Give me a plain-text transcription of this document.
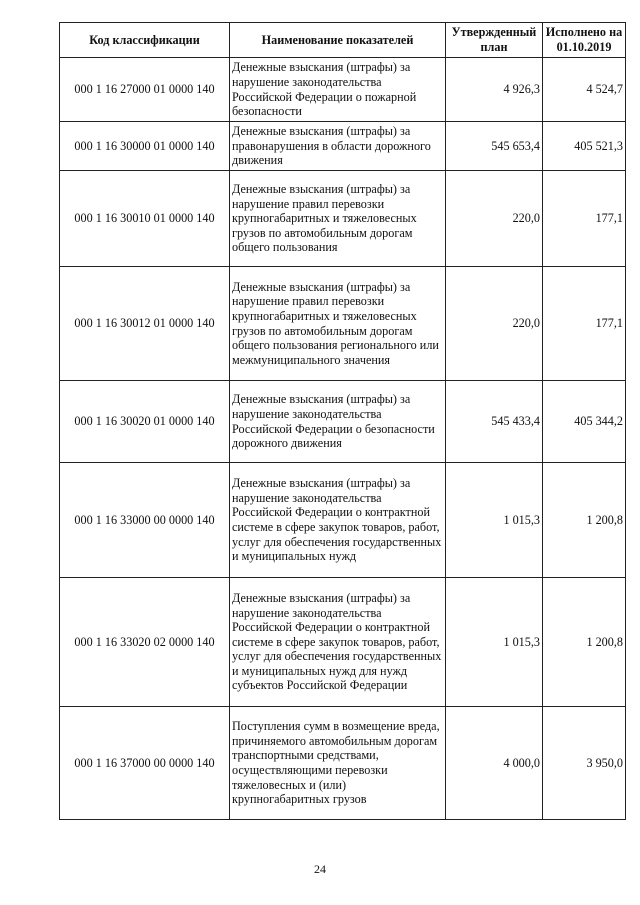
Код классификации	Наименование показателей	Утвержденный план	Исполнено на 01.10.2019
000 1 16 27000 01 0000 140	Денежные взыскания (штрафы) за нарушение законодательства Российской Федерации о пожарной безопасности	4 926,3	4 524,7
000 1 16 30000 01 0000 140	Денежные взыскания (штрафы) за правонарушения в области дорожного движения	545 653,4	405 521,3
000 1 16 30010 01 0000 140	Денежные взыскания (штрафы) за нарушение правил перевозки крупногабаритных и тяжеловесных грузов по автомобильным дорогам общего пользования	220,0	177,1
000 1 16 30012 01 0000 140	Денежные взыскания (штрафы) за нарушение правил перевозки крупногабаритных и тяжеловесных грузов по автомобильным дорогам общего пользования регионального или межмуниципального значения	220,0	177,1
000 1 16 30020 01 0000 140	Денежные взыскания (штрафы) за нарушение законодательства Российской Федерации о безопасности дорожного движения	545 433,4	405 344,2
000 1 16 33000 00 0000 140	Денежные взыскания (штрафы) за нарушение законодательства Российской Федерации о контрактной системе в сфере закупок товаров, работ, услуг для обеспечения государственных и муниципальных нужд	1 015,3	1 200,8
000 1 16 33020 02 0000 140	Денежные взыскания (штрафы) за нарушение законодательства Российской Федерации о контрактной системе в сфере закупок товаров, работ, услуг для обеспечения государственных и муниципальных нужд для нужд субъектов Российской Федерации	1 015,3	1 200,8
000 1 16 37000 00 0000 140	Поступления сумм в возмещение вреда, причиняемого автомобильным дорогам транспортными средствами, осуществляющими перевозки тяжеловесных и (или) крупногабаритных грузов	4 000,0	3 950,0
24
